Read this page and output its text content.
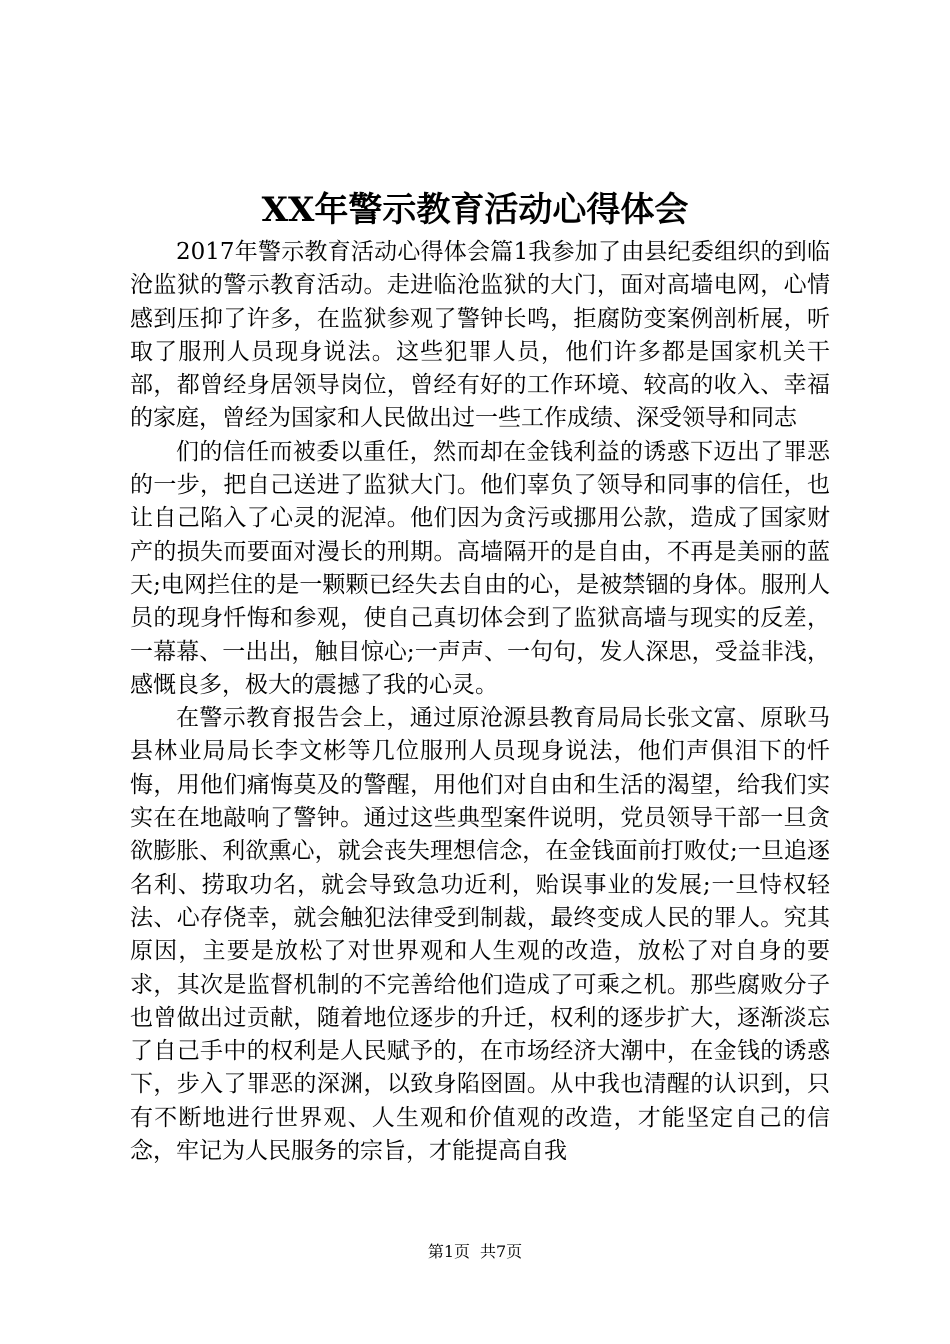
XX年警示教育活动心得体会

2017年警示教育活动心得体会篇1我参加了由县纪委组织的到临沧监狱的警示教育活动。走进临沧监狱的大门，面对高墙电网，心情感到压抑了许多，在监狱参观了警钟长鸣，拒腐防变案例剖析展，听取了服刑人员现身说法。这些犯罪人员，他们许多都是国家机关干部，都曾经身居领导岗位，曾经有好的工作环境、较高的收入、幸福的家庭，曾经为国家和人民做出过一些工作成绩、深受领导和同志

们的信任而被委以重任，然而却在金钱利益的诱惑下迈出了罪恶的一步，把自己送进了监狱大门。他们辜负了领导和同事的信任，也让自己陷入了心灵的泥淖。他们因为贪污或挪用公款，造成了国家财产的损失而要面对漫长的刑期。高墙隔开的是自由，不再是美丽的蓝天;电网拦住的是一颗颗已经失去自由的心，是被禁锢的身体。服刑人员的现身忏悔和参观，使自己真切体会到了监狱高墙与现实的反差，一幕幕、一出出，触目惊心;一声声、一句句，发人深思，受益非浅，感慨良多，极大的震撼了我的心灵。

在警示教育报告会上，通过原沧源县教育局局长张文富、原耿马县林业局局长李文彬等几位服刑人员现身说法，他们声俱泪下的忏悔，用他们痛悔莫及的警醒，用他们对自由和生活的渴望，给我们实实在在地敲响了警钟。通过这些典型案件说明，党员领导干部一旦贪欲膨胀、利欲熏心，就会丧失理想信念，在金钱面前打败仗;一旦追逐名利、捞取功名，就会导致急功近利，贻误事业的发展;一旦恃权轻法、心存侥幸，就会触犯法律受到制裁，最终变成人民的罪人。究其原因，主要是放松了对世界观和人生观的改造，放松了对自身的要求，其次是监督机制的不完善给他们造成了可乘之机。那些腐败分子也曾做出过贡献，随着地位逐步的升迁，权利的逐步扩大，逐渐淡忘了自己手中的权利是人民赋予的，在市场经济大潮中，在金钱的诱惑下，步入了罪恶的深渊，以致身陷囹圄。从中我也清醒的认识到，只有不断地进行世界观、人生观和价值观的改造，才能坚定自己的信念，牢记为人民服务的宗旨，才能提高自我

第1页 共7页
